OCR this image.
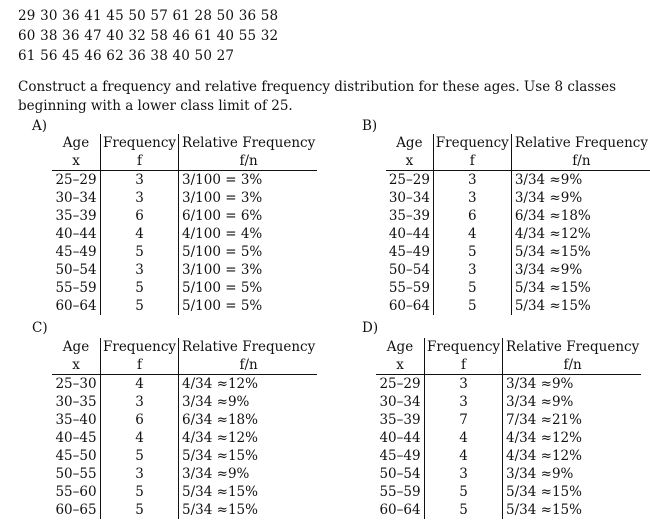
29 30 36 41 45 50 57 61 28 50 36 58
60 38 36 47 40 32 58 46 61 40 55 32
61 56 45 46 62 36 38 40 50 27
Construct a frequency and relative frequency distribution for these ages. Use 8 classes beginning with a lower class limit of 25.
A)
Age	Frequency	Relative Frequency
x	f	f/n
25–29	3	3/100 = 3%
30–34	3	3/100 = 3%
35–39	6	6/100 = 6%
40–44	4	4/100 = 4%
45–49	5	5/100 = 5%
50–54	3	3/100 = 3%
55–59	5	5/100 = 5%
60–64	5	5/100 = 5%
B)
Age	Frequency	Relative Frequency
x	f	f/n
25–29	3	3/34 ≈9%
30–34	3	3/34 ≈9%
35–39	6	6/34 ≈18%
40–44	4	4/34 ≈12%
45–49	5	5/34 ≈15%
50–54	3	3/34 ≈9%
55–59	5	5/34 ≈15%
60–64	5	5/34 ≈15%
C)
Age	Frequency	Relative Frequency
x	f	f/n
25–30	4	4/34 ≈12%
30–35	3	3/34 ≈9%
35–40	6	6/34 ≈18%
40–45	4	4/34 ≈12%
45–50	5	5/34 ≈15%
50–55	3	3/34 ≈9%
55–60	5	5/34 ≈15%
60–65	5	5/34 ≈15%
D)
Age	Frequency	Relative Frequency
x	f	f/n
25–29	3	3/34 ≈9%
30–34	3	3/34 ≈9%
35–39	7	7/34 ≈21%
40–44	4	4/34 ≈12%
45–49	4	4/34 ≈12%
50–54	3	3/34 ≈9%
55–59	5	5/34 ≈15%
60–64	5	5/34 ≈15%
